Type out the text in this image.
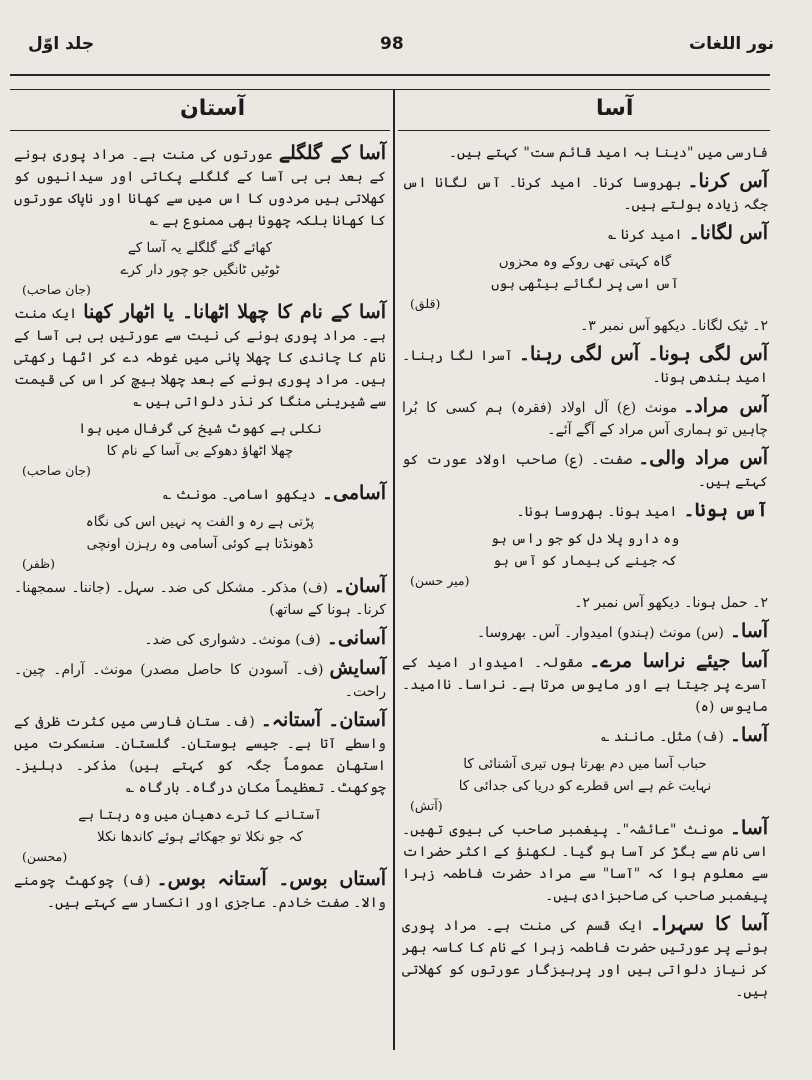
جلد اوّل	98	نور اللغات
آستان	آسا
آسا کے گلگلےعورتوں کی منت ہے۔ مراد پوری ہونے کے بعد بی بی آسا کے گلگلے پکاتی اور سیدانیوں کو کھلاتی ہیں مردوں کا اس میں سے کھانا اور ناپاک عورتوں کا کھانا بلکہ چھونا بھی ممنوع ہے ؎
کھائے گئے گلگلے یہ آسا کے
ٹوٹیں ٹانگیں جو چور دار کرے
(جان صاحب)
آسا کے نام کا چھلا اٹھانا۔ یا اٹھار کھناایک منت ہے۔ مراد پوری ہونے کی نیت سے عورتیں بی بی آسا کے نام کا چاندی کا چھلا پانی میں غوطہ دے کر اٹھا رکھتی ہیں۔ مراد پوری ہونے کے بعد چھلا بیچ کر اس کی قیمت سے شیرینی منگا کر نذر دلواتی ہیں ؎
نکلی ہے کھوٹ شیخ کی گرفال میں ہوا
چھلا اٹھاؤ دھوکے بی آسا کے نام کا
(جان صاحب)
آسامی۔دیکھو اسامی۔ مونث ؎
پڑتی ہے رہ و الفت پہ نہیں اس کی نگاہ
ڈھونڈتا ہے کوئی آسامی وہ رہزن اونچی
(ظفر)
آسان۔(ف) مذکر۔ مشکل کی ضد۔ سہل۔ (جاننا۔ سمجھنا۔ کرنا۔ ہونا کے ساتھ)
آسانی۔(ف) مونث۔ دشواری کی ضد۔
آسایش(ف۔ آسودن کا حاصل مصدر) مونث۔ آرام۔ چین۔ راحت۔
آستان۔ آستانہ۔(ف۔ ستان فارسی میں کثرت ظرفی کے واسطے آتا ہے۔ جیسے بوستان۔ گلستان۔ سنسکرت میں استھان عموماً جگہ کو کہتے ہیں) مذکر۔ دہلیز۔ چوکھٹ۔ تعظیماً مکان درگاہ۔ بارگاہ ؎
آستانے کا ترے دھیان میں وہ رہتا ہے
کہ جو نکلا تو جھکائے ہوئے کاندھا نکلا
(محسن)
آستاں بوس۔ آستانہ بوس۔(ف) چوکھٹ چومنے والا۔ صفت خادم۔ عاجزی اور انکسار سے کہتے ہیں۔
فارسی میں "دینا بہ امید قائم ست" کہتے ہیں۔
آس کرنا۔بھروسا کرنا۔ امید کرنا۔ آس لگانا اس جگہ زیادہ بولتے ہیں۔
آس لگانا۔امید کرنا ؎
گاہ کہتی تھی روکے وہ محزوں
آس اسی پر لگائے بیٹھی ہوں
(قلق)
۲۔ ٹیک لگانا۔ دیکھو آس نمبر ۳۔
آس لگی ہونا۔ آس لگی رہنا۔آسرا لگا رہنا۔ امید بندھی ہونا۔
آس مراد۔مونث (ع) آل اولاد (فقرہ) ہم کسی کا بُرا چاہیں تو ہماری آس مراد کے آگے آئے۔
آس مراد والی۔صفت۔ (ع) صاحب اولاد عورت کو کہتے ہیں۔
آس ہونا۔امید ہونا۔ بھروسا ہونا۔
وہ دارو پلا دل کو جو راس ہو
کہ جینے کی بیمار کو آس ہو
(میر حسن)
۲۔ حمل ہونا۔ دیکھو آس نمبر ۲۔
آسا۔(س) مونث (ہندو) امیدوار۔ آس۔ بھروسا۔
آسا جیئے نراسا مرے۔مقولہ۔ امیدوار امید کے آسرے پر جیتا ہے اور مایوس مرتا ہے۔ نراسا۔ ناامید۔ مایوس (ہ)
آسا۔(ف) مثل۔ مانند ؎
حباب آسا میں دم بھرتا ہوں تیری آشنائی کا
نہایت غم ہے اس قطرے کو دریا کی جدائی کا
(آتش)
آسا۔مونث "عائشہ"۔ پیغمبر صاحب کی بیوی تھیں۔ اسی نام سے بگڑ کر آسا ہو گیا۔ لکھنؤ کے اکثر حضرات سے معلوم ہوا کہ "آسا" سے مراد حضرت فاطمہ زہرا پیغمبر صاحب کی صاحبزادی ہیں۔
آسا کا سہرا۔ایک قسم کی منت ہے۔ مراد پوری ہونے پر عورتیں حضرت فاطمہ زہرا کے نام کا کاسہ بھر کر نیاز دلواتی ہیں اور پرہیزگار عورتوں کو کھلاتی ہیں۔
